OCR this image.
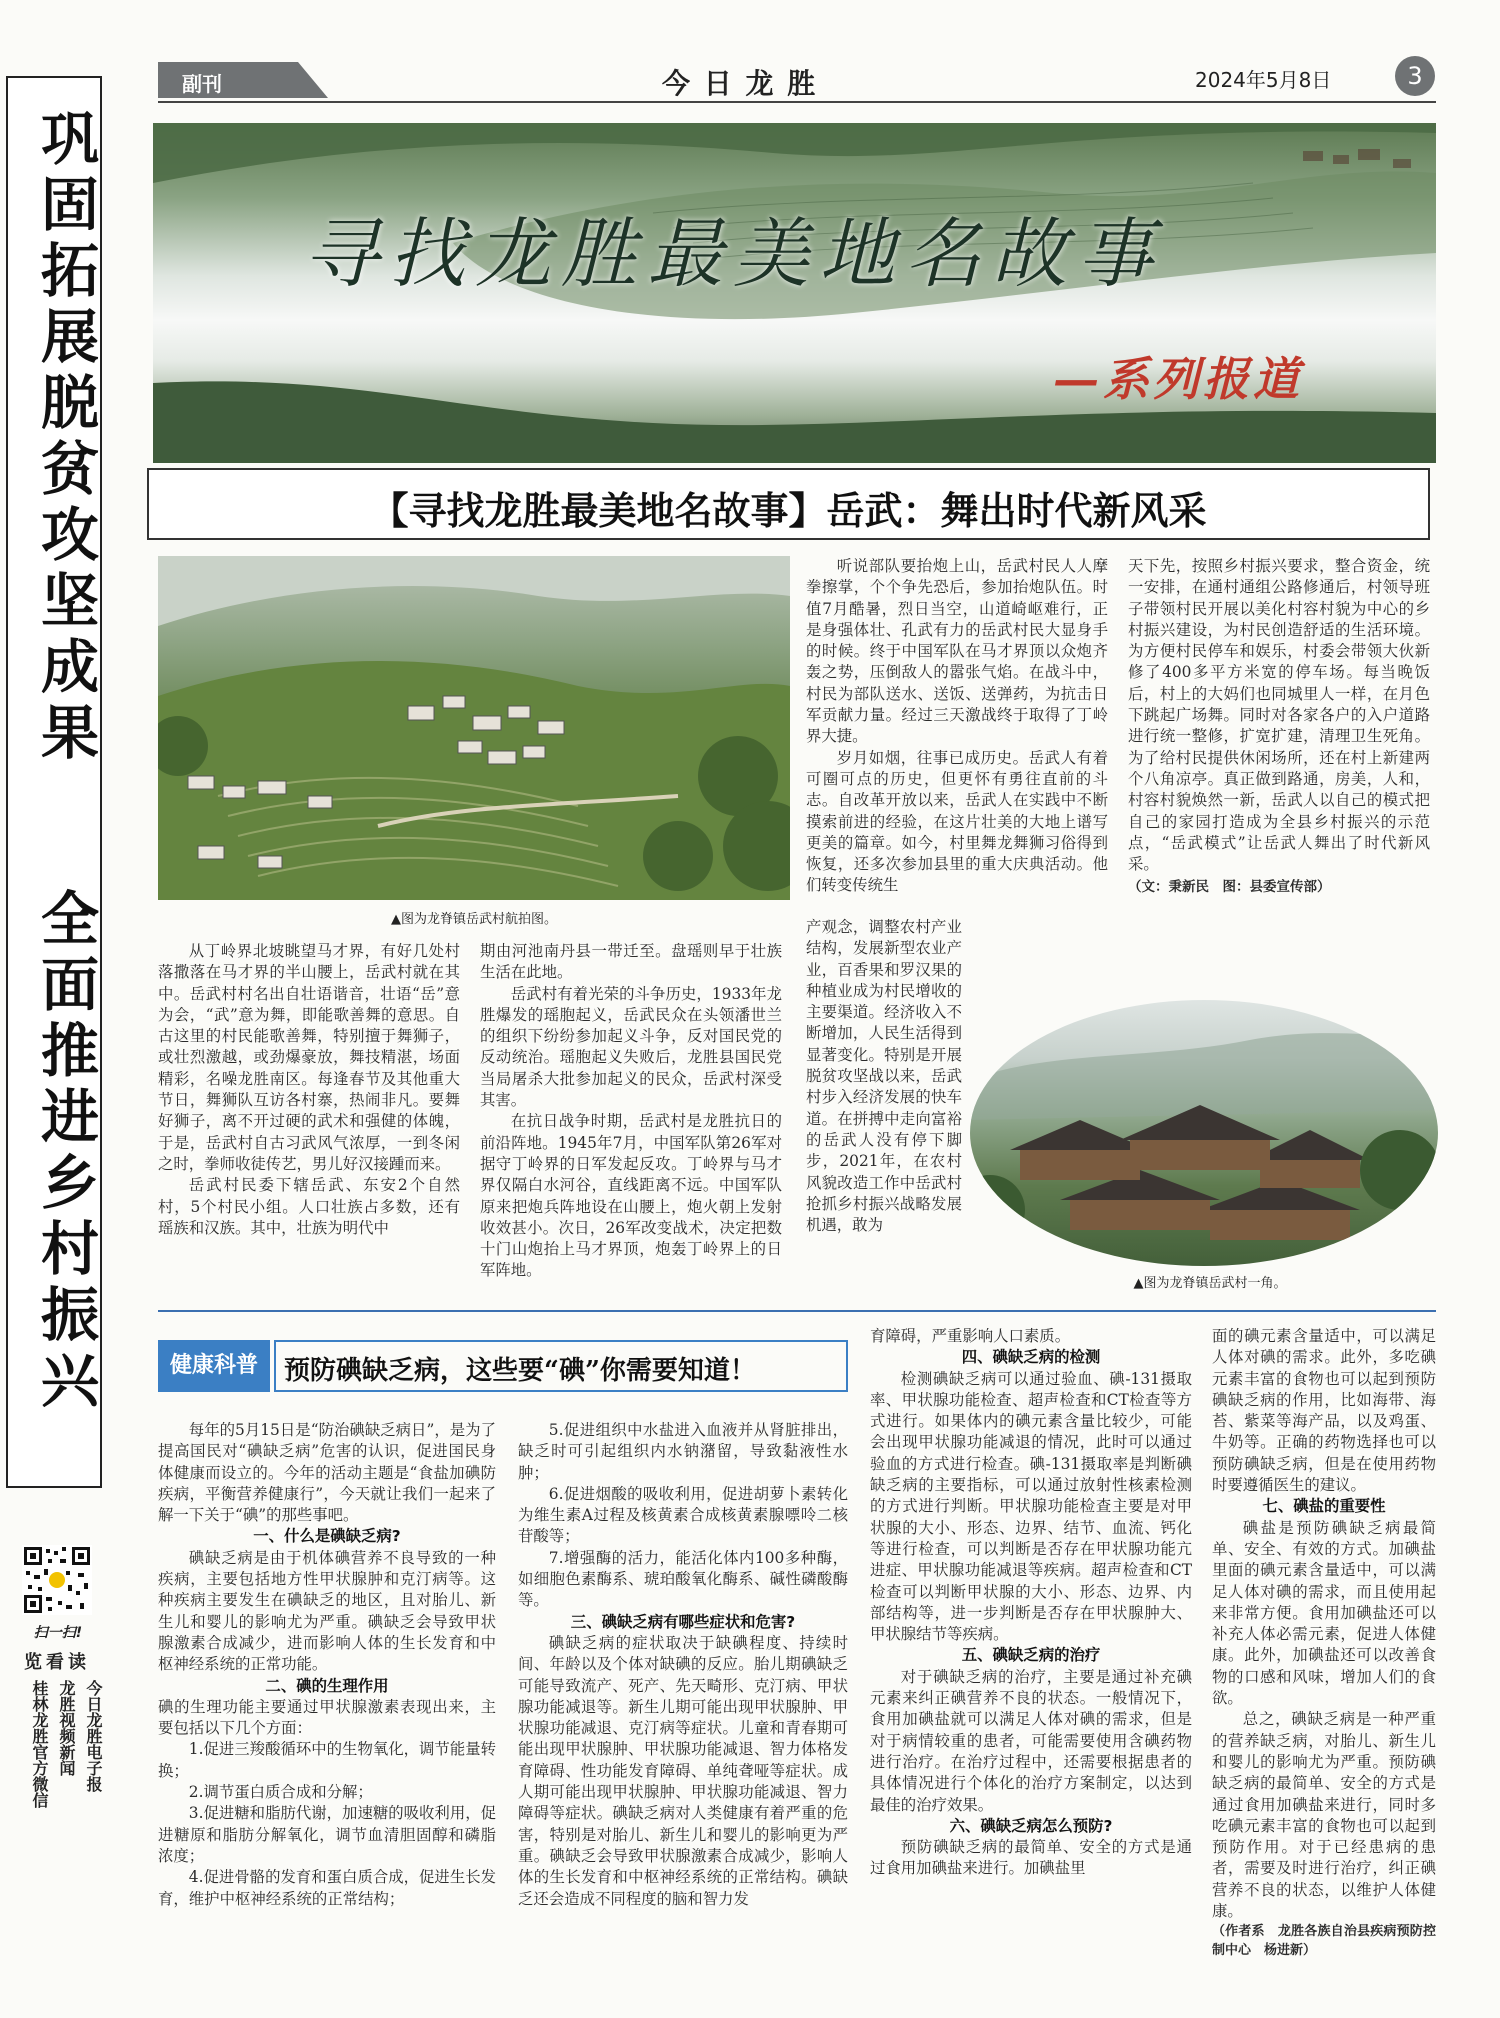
巩固拓展脱贫攻坚成果
全面推进乡村振兴
扫一扫!
览看读
今日龙胜电子报
龙胜视频新闻
桂林龙胜官方微信
副刊	今 日 龙 胜	2024年5月8日	3
寻找龙胜最美地名故事
—系列报道
【寻找龙胜最美地名故事】岳武：舞出时代新风采
▲图为龙脊镇岳武村航拍图。

从丁岭界北坡眺望马才界，有好几处村落撒落在马才界的半山腰上，岳武村就在其中。岳武村村名出自壮语谐音，壮语“岳”意为会，“武”意为舞，即能歌善舞的意思。自古这里的村民能歌善舞，特别擅于舞狮子，或壮烈激越，或劲爆豪放，舞技精湛，场面精彩，名噪龙胜南区。每逢春节及其他重大节日，舞狮队互访各村寨，热闹非凡。要舞好狮子，离不开过硬的武术和强健的体魄，于是，岳武村自古习武风气浓厚，一到冬闲之时，拳师收徒传艺，男儿好汉接踵而来。

岳武村民委下辖岳武、东安2个自然村，5个村民小组。人口壮族占多数，还有瑶族和汉族。其中，壮族为明代中

期由河池南丹县一带迁至。盘瑶则早于壮族生活在此地。

岳武村有着光荣的斗争历史，1933年龙胜爆发的瑶胞起义，岳武民众在头领潘世兰的组织下纷纷参加起义斗争，反对国民党的反动统治。瑶胞起义失败后，龙胜县国民党当局屠杀大批参加起义的民众，岳武村深受其害。

在抗日战争时期，岳武村是龙胜抗日的前沿阵地。1945年7月，中国军队第26军对据守丁岭界的日军发起反攻。丁岭界与马才界仅隔白水河谷，直线距离不远。中国军队原来把炮兵阵地设在山腰上，炮火朝上发射收效甚小。次日，26军改变战术，决定把数十门山炮抬上马才界顶，炮轰丁岭界上的日军阵地。

听说部队要抬炮上山，岳武村民人人摩拳擦掌，个个争先恐后，参加抬炮队伍。时值7月酷暑，烈日当空，山道崎岖难行，正是身强体壮、孔武有力的岳武村民大显身手的时候。终于中国军队在马才界顶以众炮齐轰之势，压倒敌人的嚣张气焰。在战斗中，村民为部队送水、送饭、送弹药，为抗击日军贡献力量。经过三天激战终于取得了丁岭界大捷。

岁月如烟，往事已成历史。岳武人有着可圈可点的历史，但更怀有勇往直前的斗志。自改革开放以来，岳武人在实践中不断摸索前进的经验，在这片壮美的大地上谱写更美的篇章。如今，村里舞龙舞狮习俗得到恢复，还多次参加县里的重大庆典活动。他们转变传统生

产观念，调整农村产业结构，发展新型农业产业，百香果和罗汉果的种植业成为村民增收的主要渠道。经济收入不断增加，人民生活得到显著变化。特别是开展脱贫攻坚战以来，岳武村步入经济发展的快车道。在拼搏中走向富裕的岳武人没有停下脚步，2021年，在农村风貌改造工作中岳武村抢抓乡村振兴战略发展机遇，敢为

天下先，按照乡村振兴要求，整合资金，统一安排，在通村通组公路修通后，村领导班子带领村民开展以美化村容村貌为中心的乡村振兴建设，为村民创造舒适的生活环境。为方便村民停车和娱乐，村委会带领大伙新修了400多平方米宽的停车场。每当晚饭后，村上的大妈们也同城里人一样，在月色下跳起广场舞。同时对各家各户的入户道路进行统一整修，扩宽扩建，清理卫生死角。为了给村民提供休闲场所，还在村上新建两个八角凉亭。真正做到路通，房美，人和，村容村貌焕然一新，岳武人以自己的模式把自己的家园打造成为全县乡村振兴的示范点，“岳武模式”让岳武人舞出了时代新风采。

（文：秉新民　图：县委宣传部）
▲图为龙脊镇岳武村一角。
健康科普	预防碘缺乏病，这些要“碘”你需要知道！

每年的5月15日是“防治碘缺乏病日”，是为了提高国民对“碘缺乏病”危害的认识，促进国民身体健康而设立的。今年的活动主题是“食盐加碘防疾病，平衡营养健康行”，今天就让我们一起来了解一下关于“碘”的那些事吧。

一、什么是碘缺乏病?

碘缺乏病是由于机体碘营养不良导致的一种疾病，主要包括地方性甲状腺肿和克汀病等。这种疾病主要发生在碘缺乏的地区，且对胎儿、新生儿和婴儿的影响尤为严重。碘缺乏会导致甲状腺激素合成减少，进而影响人体的生长发育和中枢神经系统的正常功能。

二、碘的生理作用

碘的生理功能主要通过甲状腺激素表现出来，主要包括以下几个方面：

1.促进三羧酸循环中的生物氧化，调节能量转换；

2.调节蛋白质合成和分解；

3.促进糖和脂肪代谢，加速糖的吸收利用，促进糖原和脂肪分解氧化，调节血清胆固醇和磷脂浓度；

4.促进骨骼的发育和蛋白质合成，促进生长发育，维护中枢神经系统的正常结构；

5.促进组织中水盐进入血液并从肾脏排出，缺乏时可引起组织内水钠潴留，导致黏液性水肿；

6.促进烟酸的吸收利用，促进胡萝卜素转化为维生素A过程及核黄素合成核黄素腺嘌呤二核苷酸等；

7.增强酶的活力，能活化体内100多种酶，如细胞色素酶系、琥珀酸氧化酶系、碱性磷酸酶等。

三、碘缺乏病有哪些症状和危害?

碘缺乏病的症状取决于缺碘程度、持续时间、年龄以及个体对缺碘的反应。胎儿期碘缺乏可能导致流产、死产、先天畸形、克汀病、甲状腺功能减退等。新生儿期可能出现甲状腺肿、甲状腺功能减退、克汀病等症状。儿童和青春期可能出现甲状腺肿、甲状腺功能减退、智力体格发育障碍、性功能发育障碍、单纯聋哑等症状。成人期可能出现甲状腺肿、甲状腺功能减退、智力障碍等症状。碘缺乏病对人类健康有着严重的危害，特别是对胎儿、新生儿和婴儿的影响更为严重。碘缺乏会导致甲状腺激素合成减少，影响人体的生长发育和中枢神经系统的正常结构。碘缺乏还会造成不同程度的脑和智力发

育障碍，严重影响人口素质。

四、碘缺乏病的检测

检测碘缺乏病可以通过验血、碘-131摄取率、甲状腺功能检查、超声检查和CT检查等方式进行。如果体内的碘元素含量比较少，可能会出现甲状腺功能减退的情况，此时可以通过验血的方式进行检查。碘-131摄取率是判断碘缺乏病的主要指标，可以通过放射性核素检测的方式进行判断。甲状腺功能检查主要是对甲状腺的大小、形态、边界、结节、血流、钙化等进行检查，可以判断是否存在甲状腺功能亢进症、甲状腺功能减退等疾病。超声检查和CT检查可以判断甲状腺的大小、形态、边界、内部结构等，进一步判断是否存在甲状腺肿大、甲状腺结节等疾病。

五、碘缺乏病的治疗

对于碘缺乏病的治疗，主要是通过补充碘元素来纠正碘营养不良的状态。一般情况下，食用加碘盐就可以满足人体对碘的需求，但是对于病情较重的患者，可能需要使用含碘药物进行治疗。在治疗过程中，还需要根据患者的具体情况进行个体化的治疗方案制定，以达到最佳的治疗效果。

六、碘缺乏病怎么预防?

预防碘缺乏病的最简单、安全的方式是通过食用加碘盐来进行。加碘盐里

面的碘元素含量适中，可以满足人体对碘的需求。此外，多吃碘元素丰富的食物也可以起到预防碘缺乏病的作用，比如海带、海苔、紫菜等海产品，以及鸡蛋、牛奶等。正确的药物选择也可以预防碘缺乏病，但是在使用药物时要遵循医生的建议。

七、碘盐的重要性

碘盐是预防碘缺乏病最简单、安全、有效的方式。加碘盐里面的碘元素含量适中，可以满足人体对碘的需求，而且使用起来非常方便。食用加碘盐还可以补充人体必需元素，促进人体健康。此外，加碘盐还可以改善食物的口感和风味，增加人们的食欲。

总之，碘缺乏病是一种严重的营养缺乏病，对胎儿、新生儿和婴儿的影响尤为严重。预防碘缺乏病的最简单、安全的方式是通过食用加碘盐来进行，同时多吃碘元素丰富的食物也可以起到预防作用。对于已经患病的患者，需要及时进行治疗，纠正碘营养不良的状态，以维护人体健康。

（作者系　龙胜各族自治县疾病预防控制中心　杨进新）
